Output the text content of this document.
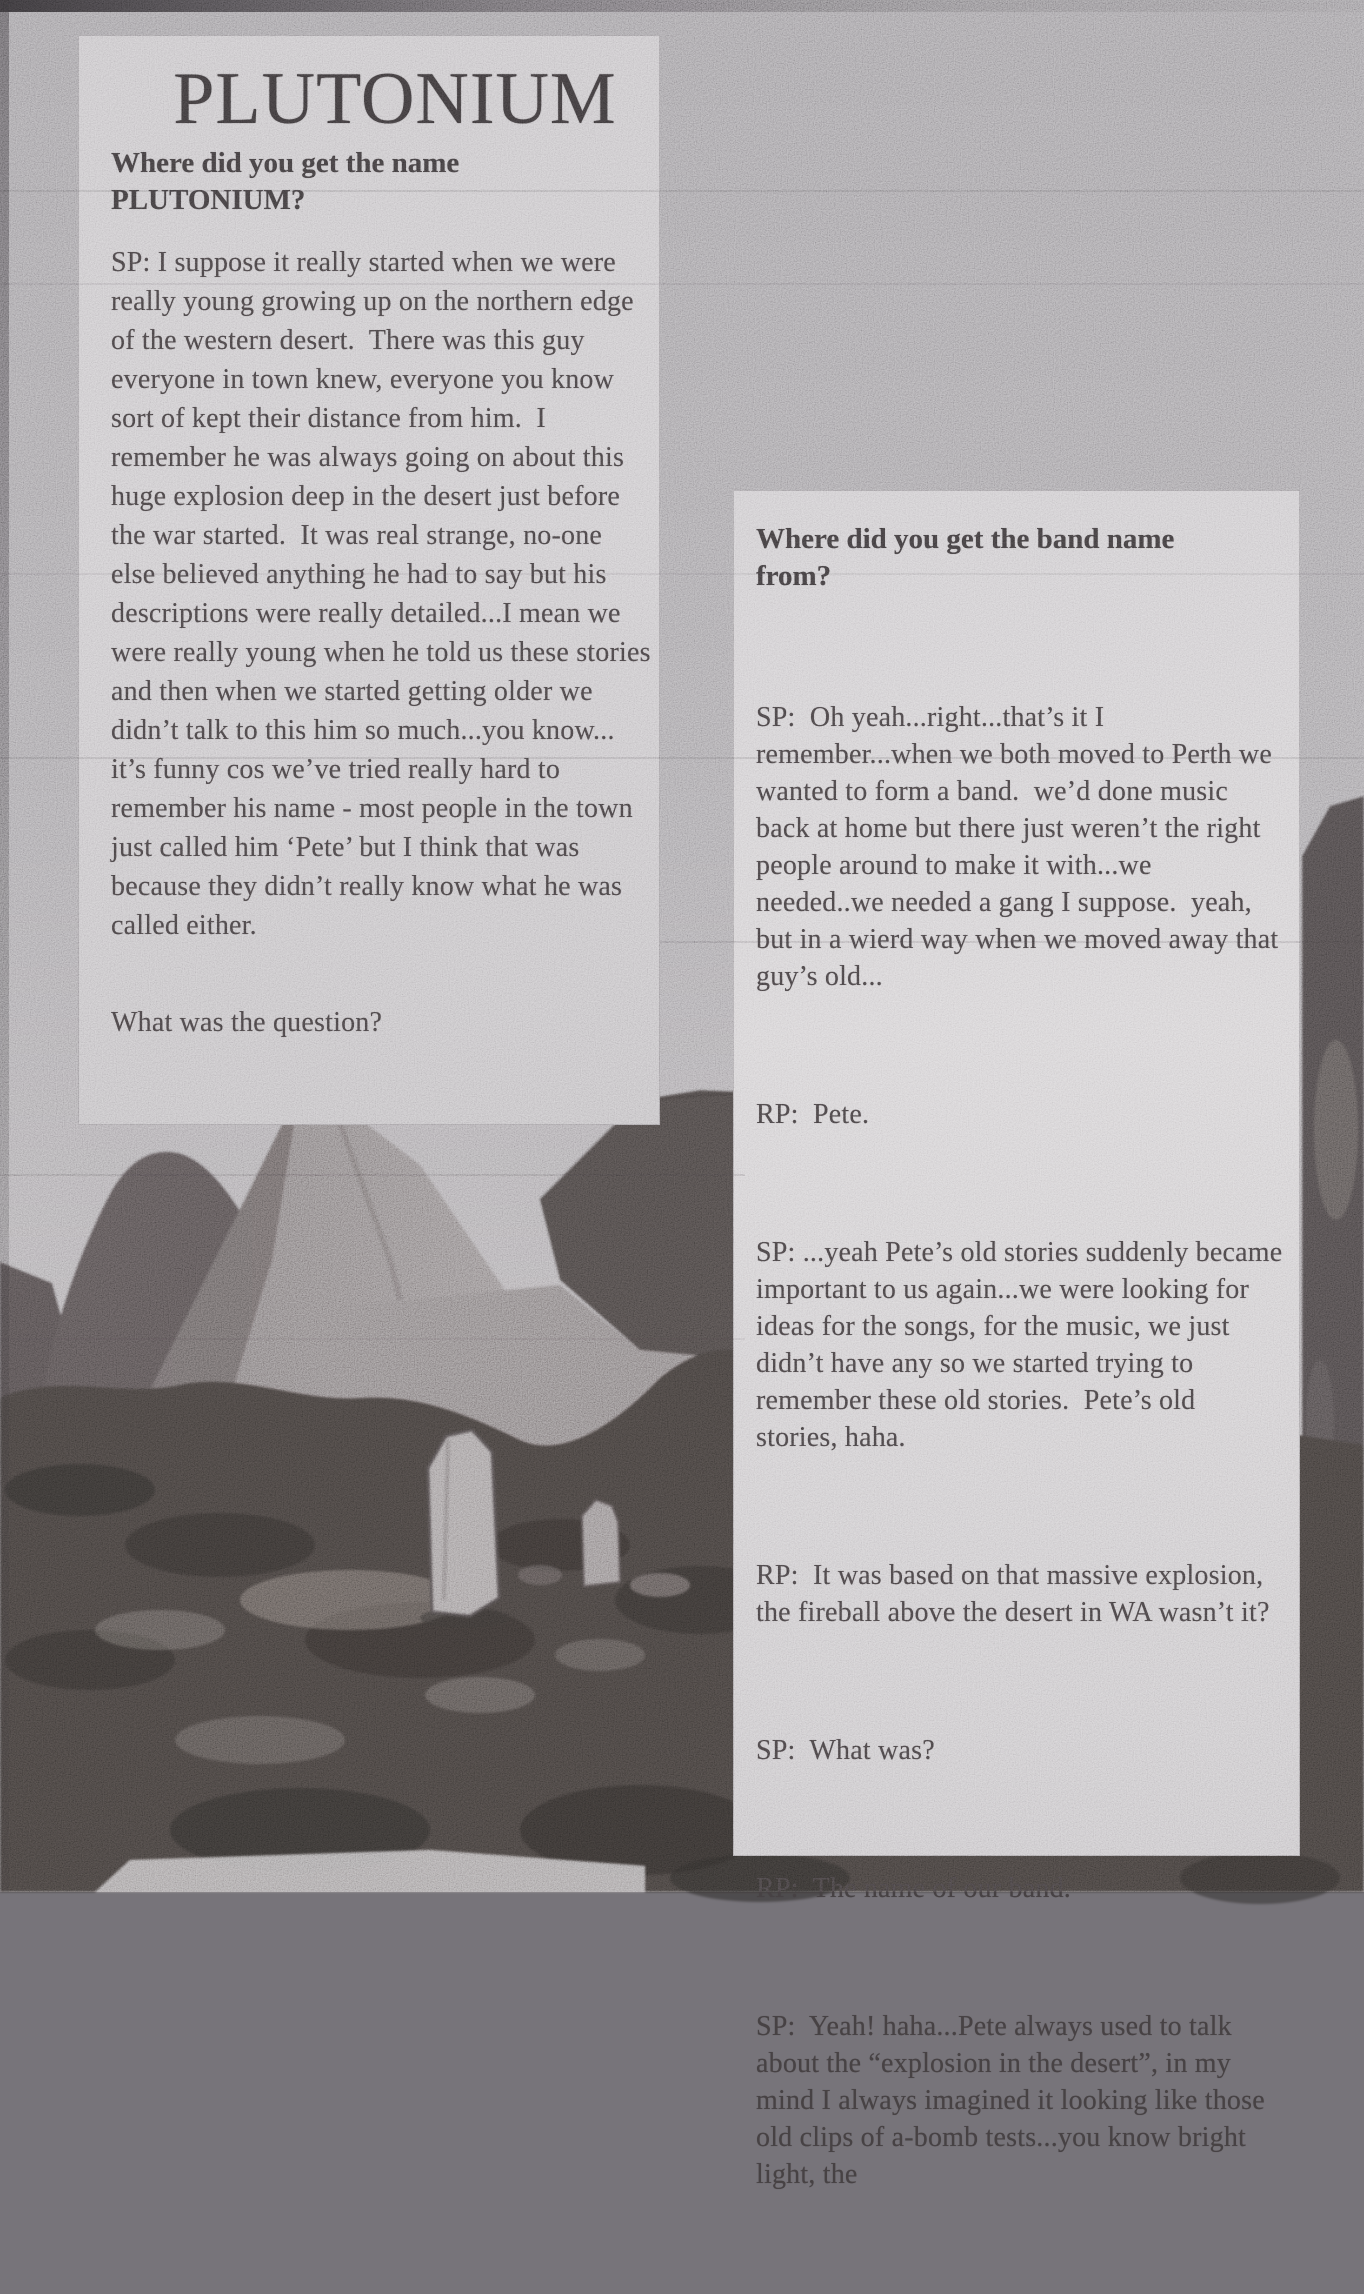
PLUTONIUM
Where did you get the name PLUTONIUM?
SP: I suppose it really started when we were really young growing up on the northern edge of the western desert.  There was this guy everyone in town knew, everyone you know sort of kept their distance from him.  I remember he was always going on about this huge explosion deep in the desert just before the war started.  It was real strange, no-one else believed anything he had to say but his descriptions were really detailed...I mean we were really young when he told us these stories and then when we started getting older we didn’t talk to this him so much...you know... it’s funny cos we’ve tried really hard to remember his name - most people in the town just called him ‘Pete’ but I think that was because they didn’t really know what he was called either.
What was the question?
Where did you get the band name from?

SP:  Oh yeah...right...that’s it I remember...when we both moved to Perth we wanted to form a band.  we’d done music back at home but there just weren’t the right people around to make it with...we needed..we needed a gang I suppose.  yeah, but in a wierd way when we moved away that guy’s old...

RP:  Pete.

SP: ...yeah Pete’s old stories suddenly became important to us again...we were looking for ideas for the songs, for the music, we just didn’t have any so we started trying to remember these old stories.  Pete’s old stories, haha.

RP:  It was based on that massive explosion, the fireball above the desert in WA wasn’t it?

SP:  What was?

RP:  The name of our band.

SP:  Yeah! haha...Pete always used to talk about the “explosion in the desert”, in my mind I always imagined it looking like those old clips of a-bomb tests...you know bright light, the
